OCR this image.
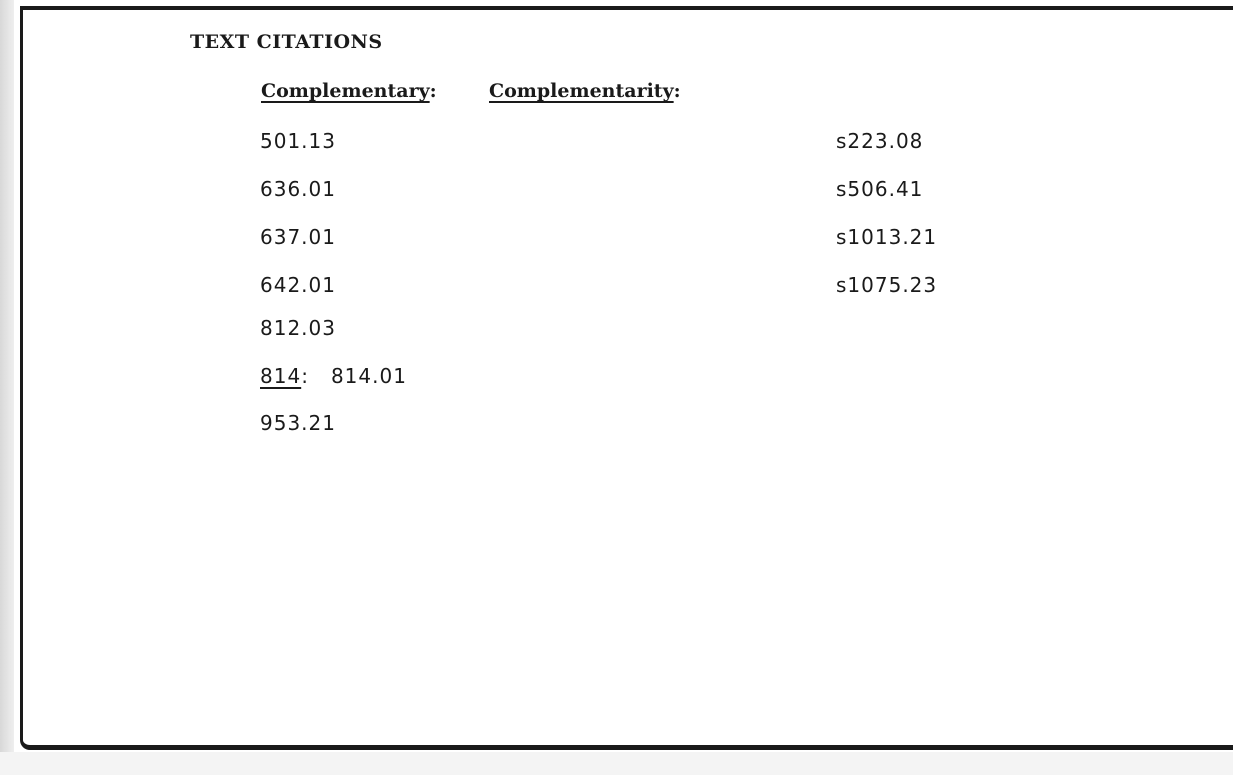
TEXT CITATIONS
Complementary:	Complementarity:
501.13
636.01
637.01
642.01
812.03
814: 814.01
953.21
s223.08
s506.41
s1013.21
s1075.23
